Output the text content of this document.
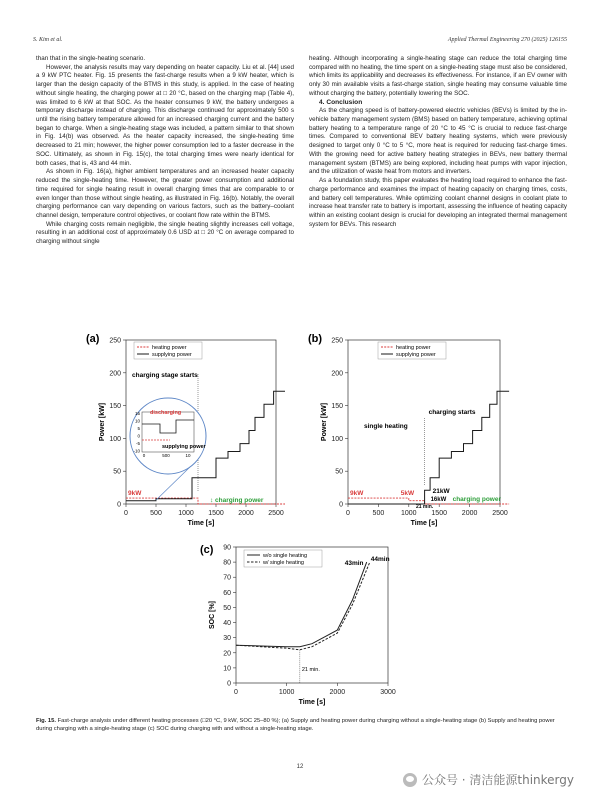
S. Kim et al.	Applied Thermal Engineering 270 (2025) 126155

than that in the single-heating scenario.

However, the analysis results may vary depending on heater capacity. Liu et al. [44] used a 9 kW PTC heater. Fig. 15 presents the fast-charge results when a 9 kW heater, which is larger than the design capacity of the BTMS in this study, is applied. In the case of heating without single heating, the charging power at □ 20 °C, based on the charging map (Table 4), was limited to 6 kW at that SOC. As the heater consumes 9 kW, the battery undergoes a temporary discharge instead of charging. This discharge continued for approximately 500 s until the rising battery temperature allowed for an increased charging current and the battery began to charge. When a single-heating stage was included, a pattern similar to that shown in Fig. 14(b) was observed. As the heater capacity increased, the single-heating time decreased to 21 min; however, the higher power consumption led to a faster decrease in the SOC. Ultimately, as shown in Fig. 15(c), the total charging times were nearly identical for both cases, that is, 43 and 44 min.

As shown in Fig. 16(a), higher ambient temperatures and an increased heater capacity reduced the single-heating time. However, the greater power consumption and additional time required for single heating result in overall charging times that are comparable to or even longer than those without single heating, as illustrated in Fig. 16(b). Notably, the overall charging performance can vary depending on various factors, such as the battery–coolant channel design, temperature control objectives, or coolant flow rate within the BTMS.

While charging costs remain negligible, the single heating slightly increases cell voltage, resulting in an additional cost of approximately 0.6 USD at □ 20 °C on average compared to charging without single

heating. Although incorporating a single-heating stage can reduce the total charging time compared with no heating, the time spent on a single-heating stage must also be considered, which limits its applicability and decreases its effectiveness. For instance, if an EV owner with only 30 min available visits a fast-charge station, single heating may consume valuable time without charging the battery, potentially lowering the SOC.

4. Conclusion

As the charging speed is of battery-powered electric vehicles (BEVs) is limited by the in-vehicle battery management system (BMS) based on battery temperature, achieving optimal battery heating to a temperature range of 20 °C to 45 °C is crucial to reduce fast-charge times. Compared to conventional BEV battery heating systems, which were previously designed to target only 0 °C to 5 °C, more heat is required for reducing fast-charge times. With the growing need for active battery heating strategies in BEVs, new battery thermal management system (BTMS) are being explored, including heat pumps with vapor injection, and the utilization of waste heat from motors and inverters.

As a foundation study, this paper evaluates the heating load required to enhance the fast-charge performance and examines the impact of heating capacity on charging times, costs, and battery cell temperatures. While optimizing coolant channel designs in coolant plate to increase heat transfer rate to battery is important, assessing the influence of heating capacity within an existing coolant design is crucial for developing an integrated thermal management system for BEVs. This research

(a)
0
50
100
150
200
250
0	500 1000 1500 2000 2500
Time [s]
Power [kW]
heating power
supplying power
charging stage starts
9kW
↕ charging power
15
10
5
0
-5
-10
0	500	10
discharging
supplying power
(b)
0
50
100
150
200
250
0	500 1000 1500 2000 2500
Time [s]
Power [kW]
heating power
supplying power
single heating
charging starts
21kW
9kW	5kW
16kW charging power
21 min.
(c)
0
10
20
30
40
50
60
70
80
90
0	1000	2000	3000
Time [s]
SOC [%]
w/o single heating
w/ single heating	43min
44min
21 min.
Fig. 15. Fast-charge analysis under different heating processes (□20 °C, 9 kW, SOC 25–80 %); (a) Supply and heating power during charging without a single-heating stage (b) Supply and heating power during charging with a single-heating stage (c) SOC during charging with and without a single-heating stage.
12
公众号 · 清洁能源thinkergy
